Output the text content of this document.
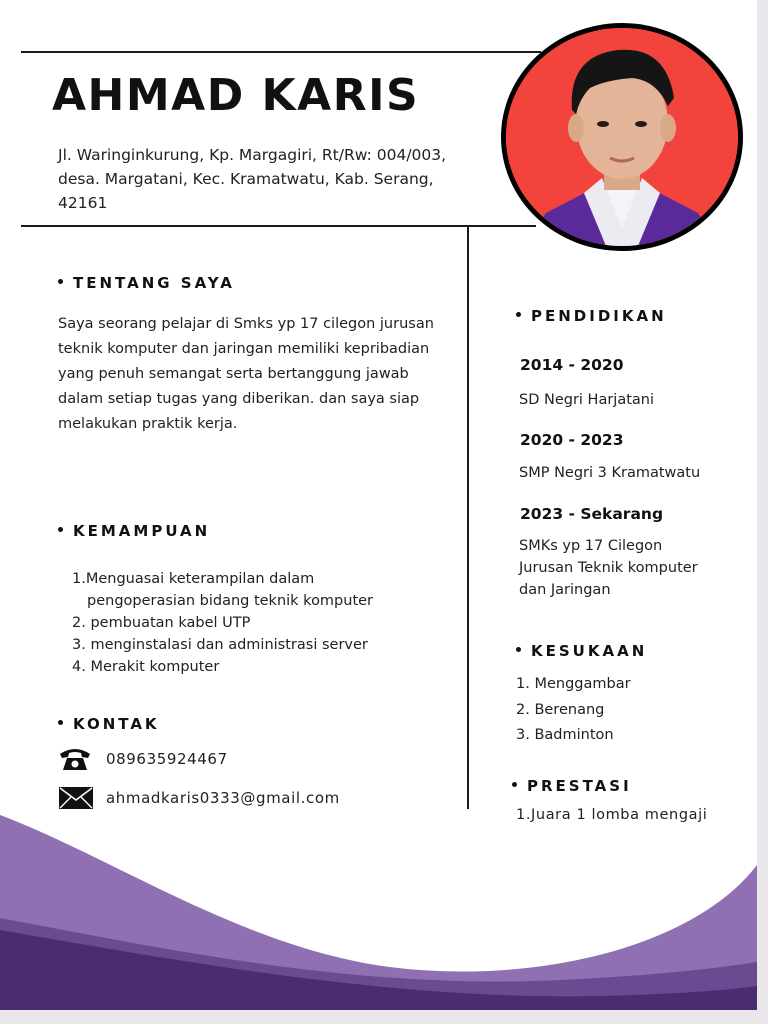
AHMAD KARIS
Jl. Waringinkurung, Kp. Margagiri, Rt/Rw: 004/003, desa. Margatani, Kec. Kramatwatu, Kab. Serang, 42161
TENTANG SAYA
Saya seorang pelajar di Smks yp 17 cilegon jurusan teknik komputer dan jaringan memiliki kepribadian yang penuh semangat serta bertanggung jawab dalam setiap tugas yang diberikan. dan saya siap melakukan praktik kerja.
KEMAMPUAN
1.Menguasai keterampilan dalam
pengoperasian bidang teknik komputer
2. pembuatan kabel UTP
3. menginstalasi dan administrasi server
4. Merakit komputer
KONTAK
089635924467
ahmadkaris0333@gmail.com
PENDIDIKAN
2014 - 2020
SD Negri Harjatani
2020 - 2023
SMP Negri 3 Kramatwatu
2023 - Sekarang
SMKs yp 17 Cilegon Jurusan Teknik komputer dan Jaringan
KESUKAAN
1. Menggambar
2. Berenang
3. Badminton
PRESTASI
1.Juara 1 lomba mengaji
